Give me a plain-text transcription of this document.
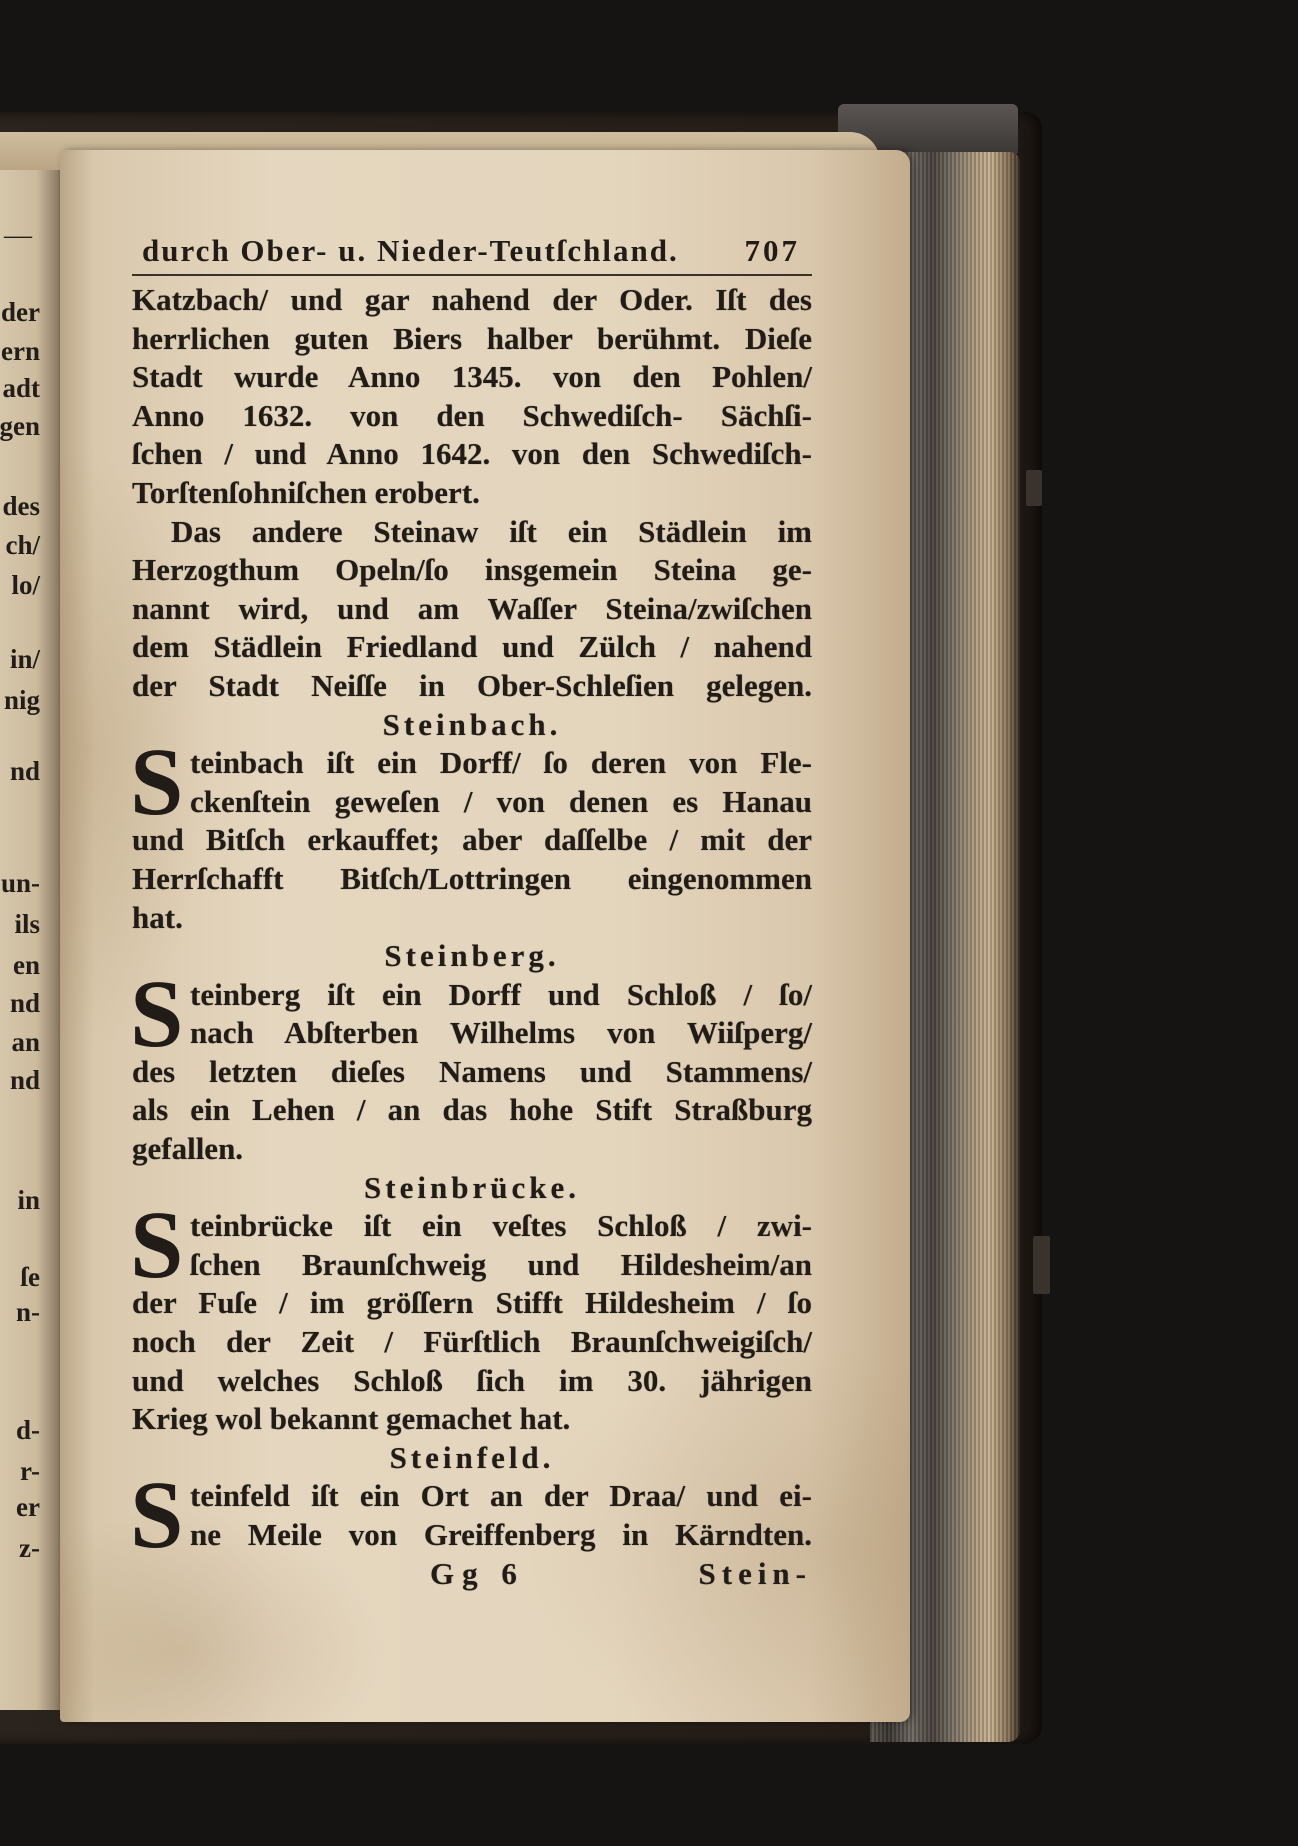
—
der
ern
adt
gen
des
ch/
lo/
in/
nig
nd
un-
ils
en
nd
an
nd
in
ſe
n-
d-
r-
er
z-
durch Ober- u. Nieder-Teutſchland. 707
Katzbach/ und gar nahend der Oder. Iſt des
herrlichen guten Biers halber berühmt. Dieſe
Stadt wurde Anno 1345. von den Pohlen/
Anno 1632. von den Schwediſch- Sächſi-
ſchen / und Anno 1642. von den Schwediſch-
Torſtenſohniſchen erobert.
Das andere Steinaw iſt ein Städlein im
Herzogthum Opeln/ſo insgemein Steina ge-
nannt wird, und am Waſſer Steina/zwiſchen
dem Städlein Friedland und Zülch / nahend
der Stadt Neiſſe in Ober-Schleſien gelegen.
Steinbach.
S teinbach iſt ein Dorff/ ſo deren von Fle-
ckenſtein geweſen / von denen es Hanau
und Bitſch erkauffet; aber daſſelbe / mit der
Herrſchafft Bitſch/Lottringen eingenommen
hat.
Steinberg.
S teinberg iſt ein Dorff und Schloß / ſo/
nach Abſterben Wilhelms von Wiiſperg/
des letzten dieſes Namens und Stammens/
als ein Lehen / an das hohe Stift Straßburg
gefallen.
Steinbrücke.
S teinbrücke iſt ein veſtes Schloß / zwi-
ſchen Braunſchweig und Hildesheim/an
der Fuſe / im gröſſern Stifft Hildesheim / ſo
noch der Zeit / Fürſtlich Braunſchweigiſch/
und welches Schloß ſich im 30. jährigen
Krieg wol bekannt gemachet hat.
Steinfeld.
S teinfeld iſt ein Ort an der Draa/ und ei-
ne Meile von Greiffenberg in Kärndten.
Gg 6	Stein-
